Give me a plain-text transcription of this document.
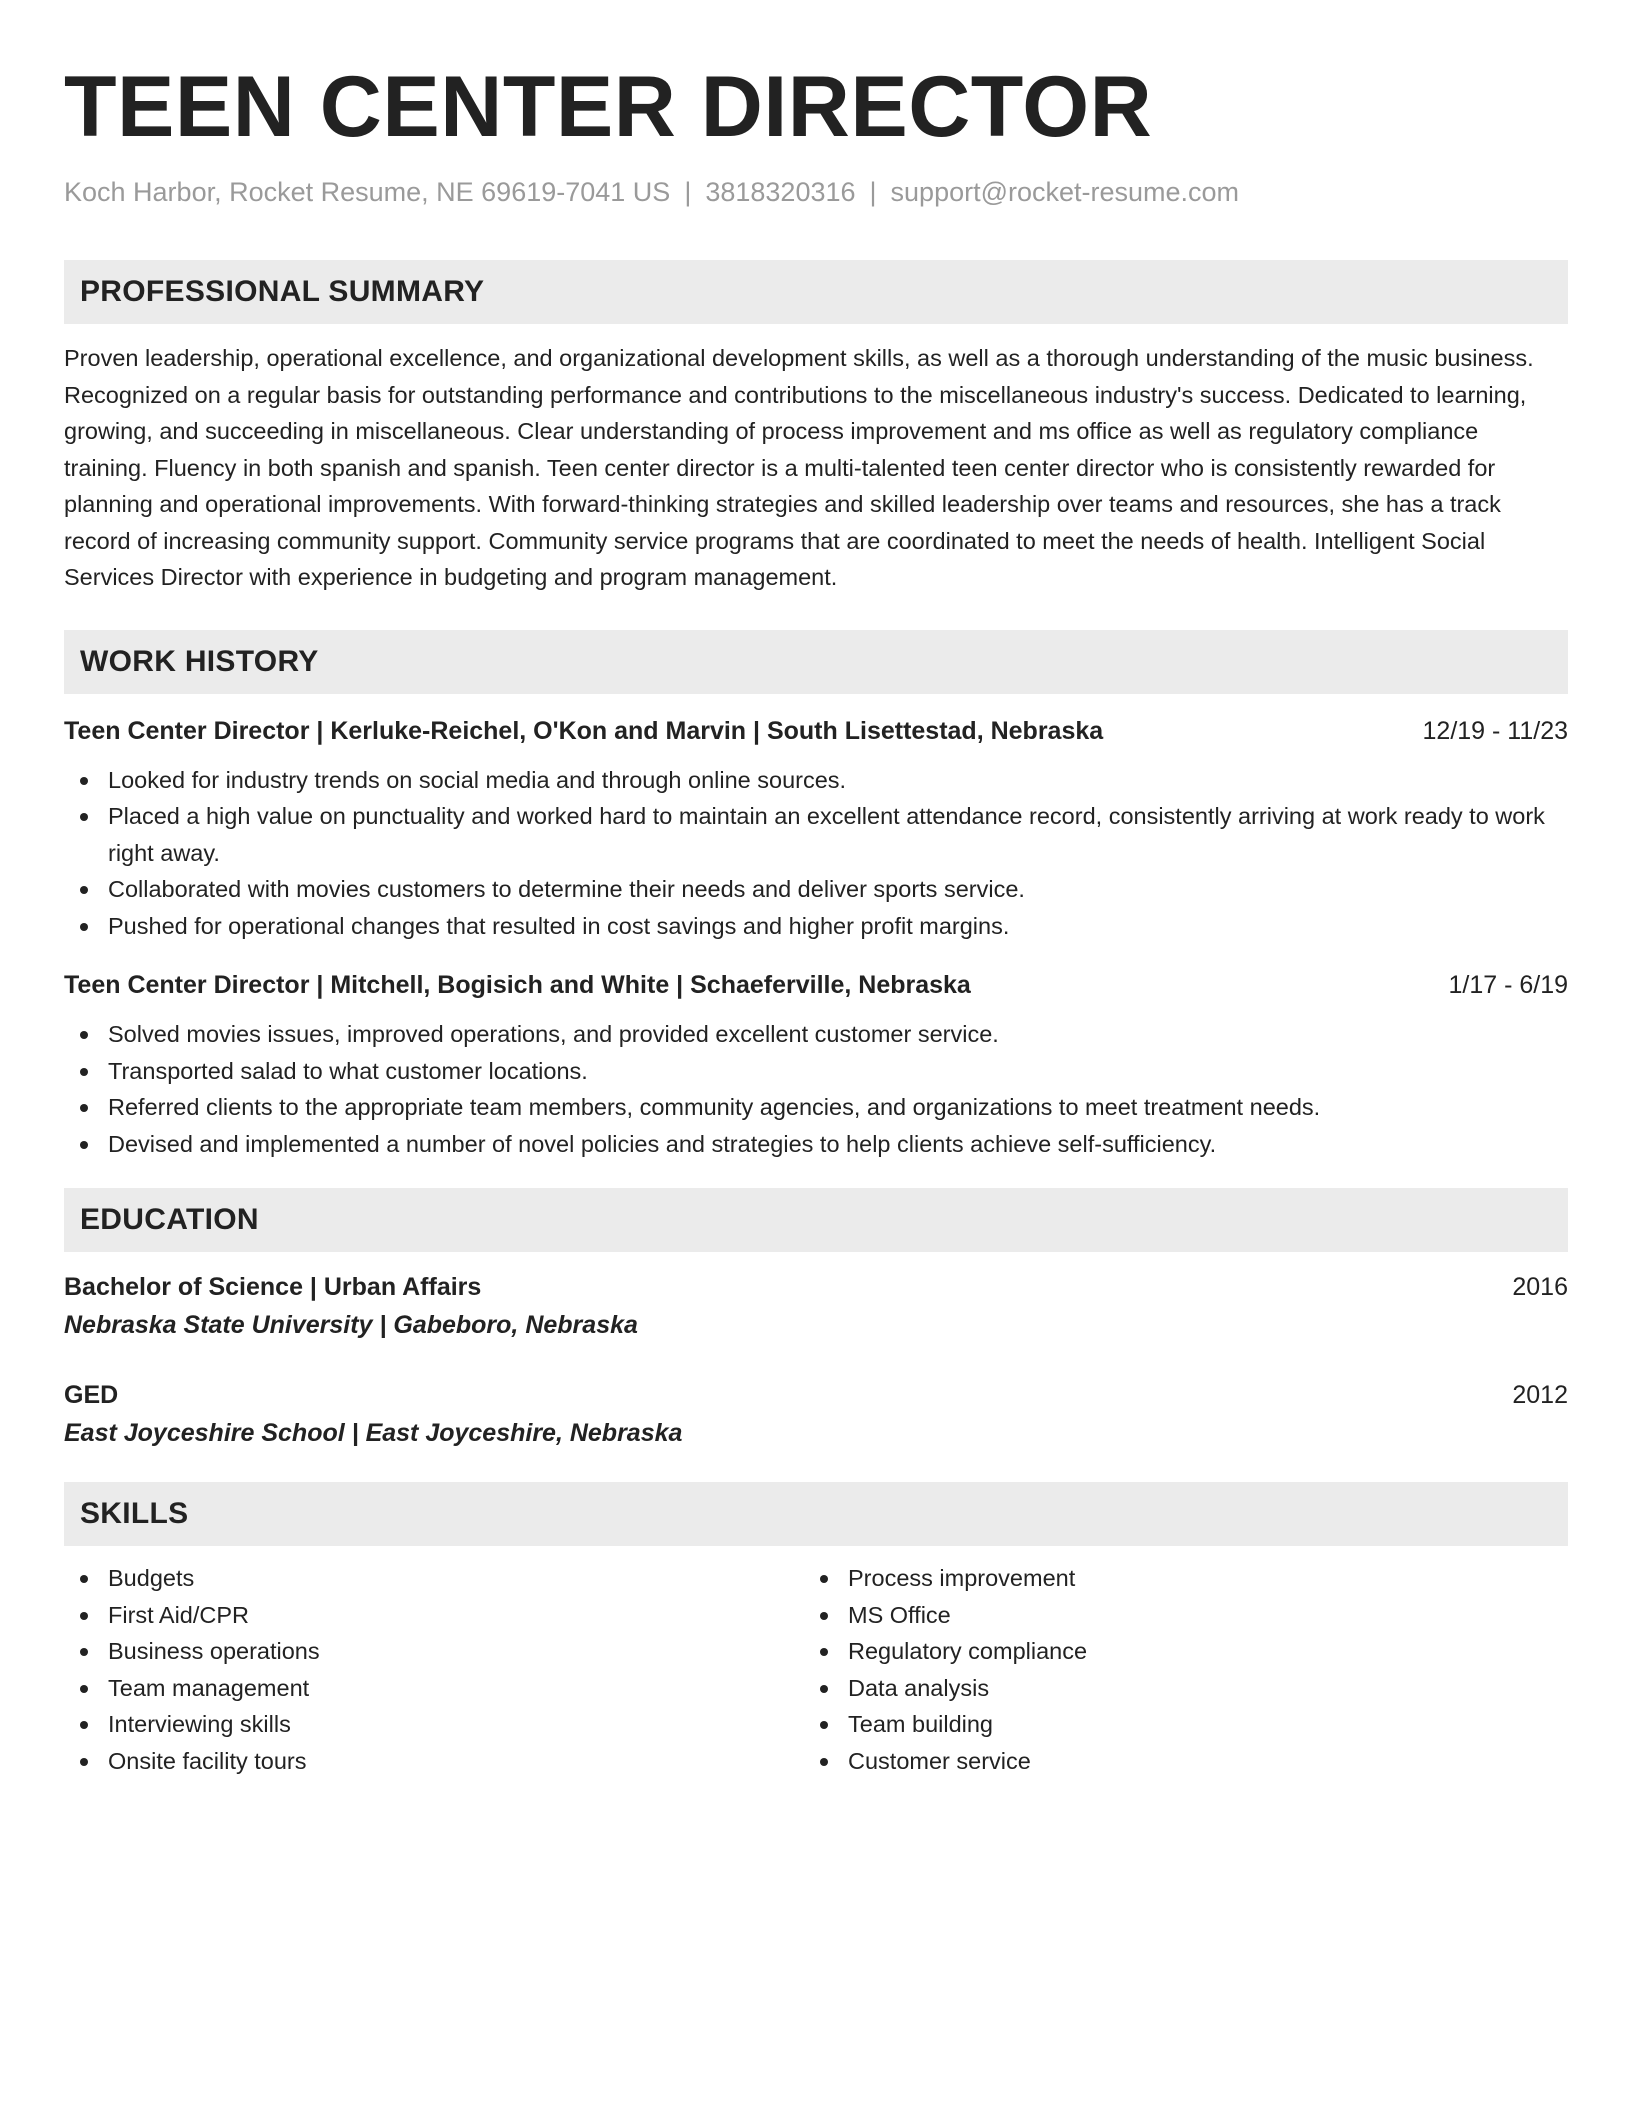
TEEN CENTER DIRECTOR
Koch Harbor, Rocket Resume, NE 69619-7041 US | 3818320316 | support@rocket-resume.com
PROFESSIONAL SUMMARY

Proven leadership, operational excellence, and organizational development skills, as well as a thorough understanding of the music business. Recognized on a regular basis for outstanding performance and contributions to the miscellaneous industry's success. Dedicated to learning, growing, and succeeding in miscellaneous. Clear understanding of process improvement and ms office as well as regulatory compliance training. Fluency in both spanish and spanish. Teen center director is a multi-talented teen center director who is consistently rewarded for planning and operational improvements. With forward-thinking strategies and skilled leadership over teams and resources, she has a track record of increasing community support. Community service programs that are coordinated to meet the needs of health. Intelligent Social Services Director with experience in budgeting and program management.

WORK HISTORY
Teen Center Director | Kerluke-Reichel, O'Kon and Marvin | South Lisettestad, Nebraska	12/19 - 11/23
Looked for industry trends on social media and through online sources.
Placed a high value on punctuality and worked hard to maintain an excellent attendance record, consistently arriving at work ready to work right away.
Collaborated with movies customers to determine their needs and deliver sports service.
Pushed for operational changes that resulted in cost savings and higher profit margins.
Teen Center Director | Mitchell, Bogisich and White | Schaeferville, Nebraska	1/17 - 6/19
Solved movies issues, improved operations, and provided excellent customer service.
Transported salad to what customer locations.
Referred clients to the appropriate team members, community agencies, and organizations to meet treatment needs.
Devised and implemented a number of novel policies and strategies to help clients achieve self-sufficiency.
EDUCATION
Bachelor of Science | Urban Affairs	2016
Nebraska State University | Gabeboro, Nebraska
GED	2012
East Joyceshire School | East Joyceshire, Nebraska
SKILLS
Budgets
First Aid/CPR
Business operations
Team management
Interviewing skills
Onsite facility tours
Process improvement
MS Office
Regulatory compliance
Data analysis
Team building
Customer service
